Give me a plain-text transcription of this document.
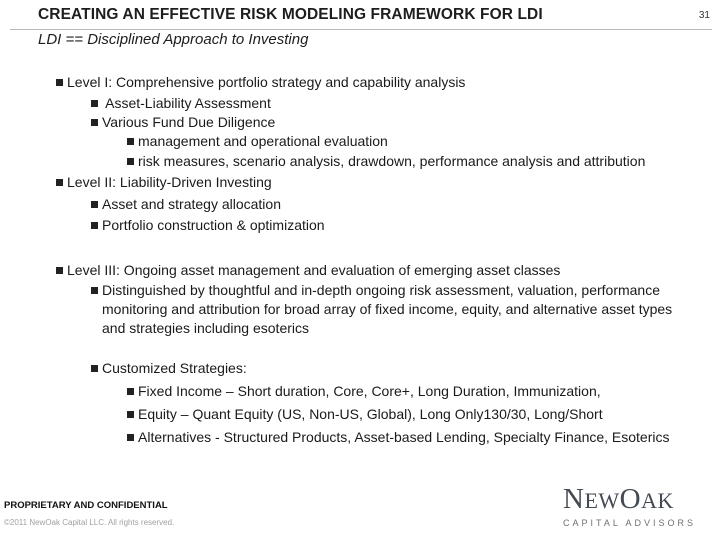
CREATING AN EFFECTIVE RISK MODELING FRAMEWORK FOR LDI	31
LDI == Disciplined Approach to Investing
Level I: Comprehensive portfolio strategy and capability analysis
Asset-Liability Assessment
Various Fund Due Diligence
management and operational evaluation
risk measures, scenario analysis, drawdown, performance analysis and attribution
Level II: Liability-Driven Investing
Asset and strategy allocation
Portfolio construction & optimization
Level III: Ongoing asset management and evaluation of emerging asset classes
Distinguished by thoughtful and in-depth ongoing risk assessment, valuation, performance monitoring and attribution for broad array of fixed income, equity, and alternative asset types and strategies including esoterics
Customized Strategies:
Fixed Income – Short duration, Core, Core+, Long Duration, Immunization,
Equity – Quant Equity (US, Non-US, Global), Long Only130/30, Long/Short
Alternatives - Structured Products, Asset-based Lending, Specialty Finance, Esoterics
PROPRIETARY AND CONFIDENTIAL
©2011 NewOak Capital LLC. All rights reserved.
NEWOAK
CAPITAL ADVISORS
